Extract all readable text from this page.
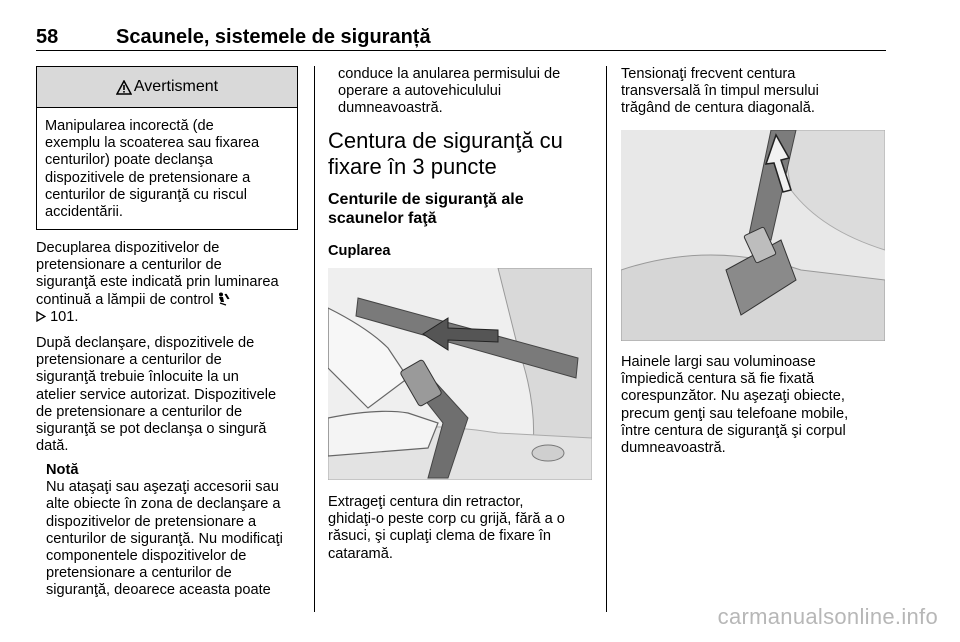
58	Scaunele, sistemele de siguranță
Avertisment
Manipularea incorectă (de
exemplu la scoaterea sau fixarea
centurilor) poate declanşa
dispozitivele de pretensionare a
centurilor de siguranţă cu riscul
accidentării.
Decuplarea dispozitivelor de
pretensionare a centurilor de
siguranţă este indicată prin luminarea
continuă a lămpii de control
101.
După declanşare, dispozitivele de
pretensionare a centurilor de
siguranţă trebuie înlocuite la un
atelier service autorizat. Dispozitivele
de pretensionare a centurilor de
siguranţă se pot declanşa o singură
dată.
Notă
Nu ataşaţi sau aşezaţi accesorii sau
alte obiecte în zona de declanşare a
dispozitivelor de pretensionare a
centurilor de siguranţă. Nu modificaţi
componentele dispozitivelor de
pretensionare a centurilor de
siguranţă, deoarece aceasta poate
conduce la anularea permisului de
operare a autovehiculului
dumneavoastră.
Centura de siguranţă cu
fixare în 3 puncte
Centurile de siguranţă ale
scaunelor faţă
Cuplarea
Extrageţi centura din retractor,
ghidaţi-o peste corp cu grijă, fără a o
răsuci, şi cuplaţi clema de fixare în
cataramă.
Tensionaţi frecvent centura
transversală în timpul mersului
trăgând de centura diagonală.
Hainele largi sau voluminoase
împiedică centura să fie fixată
corespunzător. Nu aşezaţi obiecte,
precum genţi sau telefoane mobile,
între centura de siguranţă şi corpul
dumneavoastră.
carmanualsonline.info
